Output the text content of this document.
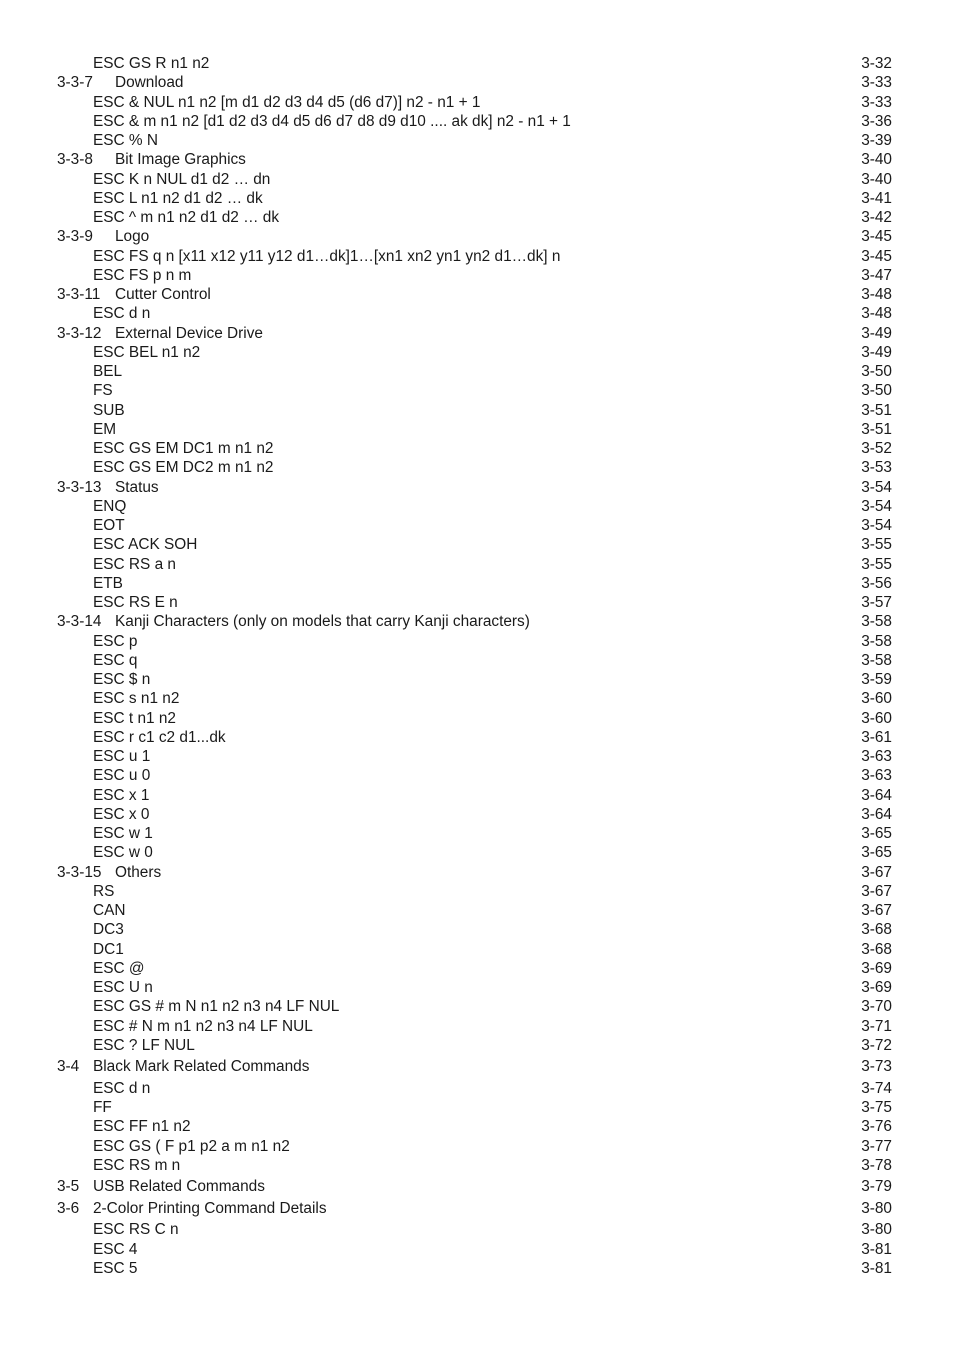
ESC GS R n1 n2	3-32
3-3-7 Download	3-33
ESC & NUL n1 n2 [m d1 d2 d3 d4 d5 (d6 d7)] n2 - n1 + 1	3-33
ESC & m n1 n2 [d1 d2 d3 d4 d5 d6 d7 d8 d9 d10 .... ak dk] n2 - n1 + 1	3-36
ESC % N	3-39
3-3-8 Bit Image Graphics	3-40
ESC K n NUL d1 d2 … dn	3-40
ESC L n1 n2 d1 d2 … dk	3-41
ESC ^ m n1 n2 d1 d2 … dk	3-42
3-3-9 Logo	3-45
ESC FS q n [x11 x12 y11 y12 d1…dk]1…[xn1 xn2 yn1 yn2 d1…dk] n	3-45
ESC FS p n m	3-47
3-3-11 Cutter Control	3-48
ESC d n	3-48
3-3-12 External Device Drive	3-49
ESC BEL n1 n2	3-49
BEL	3-50
FS	3-50
SUB	3-51
EM	3-51
ESC GS EM DC1 m n1 n2	3-52
ESC GS EM DC2 m n1 n2	3-53
3-3-13 Status	3-54
ENQ	3-54
EOT	3-54
ESC ACK SOH	3-55
ESC RS a n	3-55
ETB	3-56
ESC RS E n	3-57
3-3-14 Kanji Characters (only on models that carry Kanji characters)	3-58
ESC p	3-58
ESC q	3-58
ESC $ n	3-59
ESC s n1 n2	3-60
ESC t n1 n2	3-60
ESC r c1 c2 d1...dk	3-61
ESC u 1	3-63
ESC u 0	3-63
ESC x 1	3-64
ESC x 0	3-64
ESC w 1	3-65
ESC w 0	3-65
3-3-15 Others	3-67
RS	3-67
CAN	3-67
DC3	3-68
DC1	3-68
ESC @	3-69
ESC U n	3-69
ESC GS # m N n1 n2 n3 n4 LF NUL	3-70
ESC # N m n1 n2 n3 n4 LF NUL	3-71
ESC ? LF NUL	3-72
3-4 Black Mark Related Commands	3-73
ESC d n	3-74
FF	3-75
ESC FF n1 n2	3-76
ESC GS ( F p1 p2 a m n1 n2	3-77
ESC RS m n	3-78
3-5 USB Related Commands	3-79
3-6 2-Color Printing Command Details	3-80
ESC RS C n	3-80
ESC 4	3-81
ESC 5	3-81
